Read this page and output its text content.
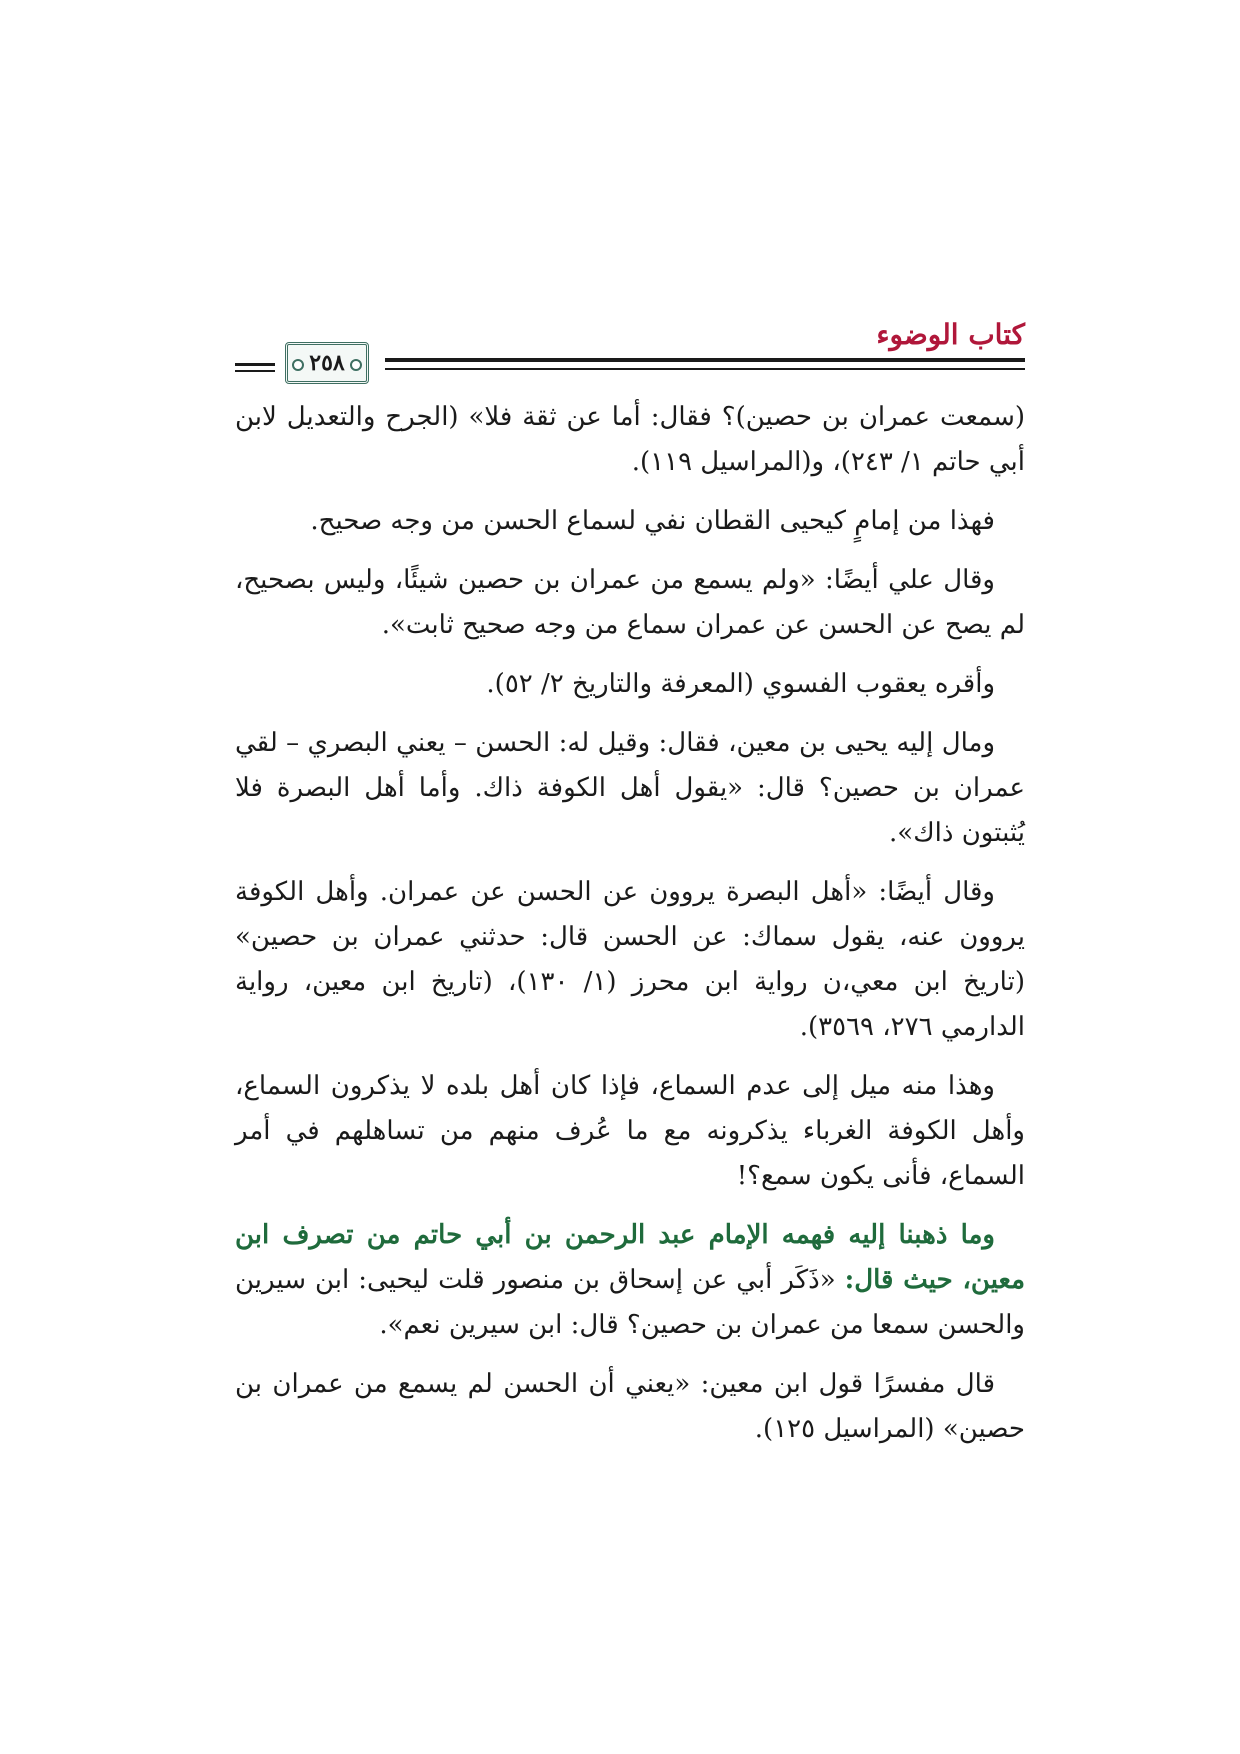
كتاب الوضوء
٢٥٨

(سمعت عمران بن حصين)؟ فقال: أما عن ثقة فلا» (الجرح والتعديل لابن أبي حاتم ١/ ٢٤٣)، و(المراسيل ١١٩).

فهذا من إمامٍ كيحيى القطان نفي لسماع الحسن من وجه صحيح.

وقال علي أيضًا: «ولم يسمع من عمران بن حصين شيئًا، وليس بصحيح، لم يصح عن الحسن عن عمران سماع من وجه صحيح ثابت».

وأقره يعقوب الفسوي (المعرفة والتاريخ ٢/ ٥٢).

ومال إليه يحيى بن معين، فقال: وقيل له: الحسن – يعني البصري – لقي عمران بن حصين؟ قال: «يقول أهل الكوفة ذاك. وأما أهل البصرة فلا يُثبتون ذاك».

وقال أيضًا: «أهل البصرة يروون عن الحسن عن عمران. وأهل الكوفة يروون عنه، يقول سماك: عن الحسن قال: حدثني عمران بن حصين» (تاريخ ابن معي،ن رواية ابن محرز (١/ ١٣٠)، (تاريخ ابن معين، رواية الدارمي ٢٧٦، ٣٥٦٩).

وهذا منه ميل إلى عدم السماع، فإذا كان أهل بلده لا يذكرون السماع، وأهل الكوفة الغرباء يذكرونه مع ما عُرف منهم من تساهلهم في أمر السماع، فأنى يكون سمع؟!

وما ذهبنا إليه فهمه الإمام عبد الرحمن بن أبي حاتم من تصرف ابن معين، حيث قال: «ذَكَر أبي عن إسحاق بن منصور قلت ليحيى: ابن سيرين والحسن سمعا من عمران بن حصين؟ قال: ابن سيرين نعم».

قال مفسرًا قول ابن معين: «يعني أن الحسن لم يسمع من عمران بن حصين» (المراسيل ١٢٥).
